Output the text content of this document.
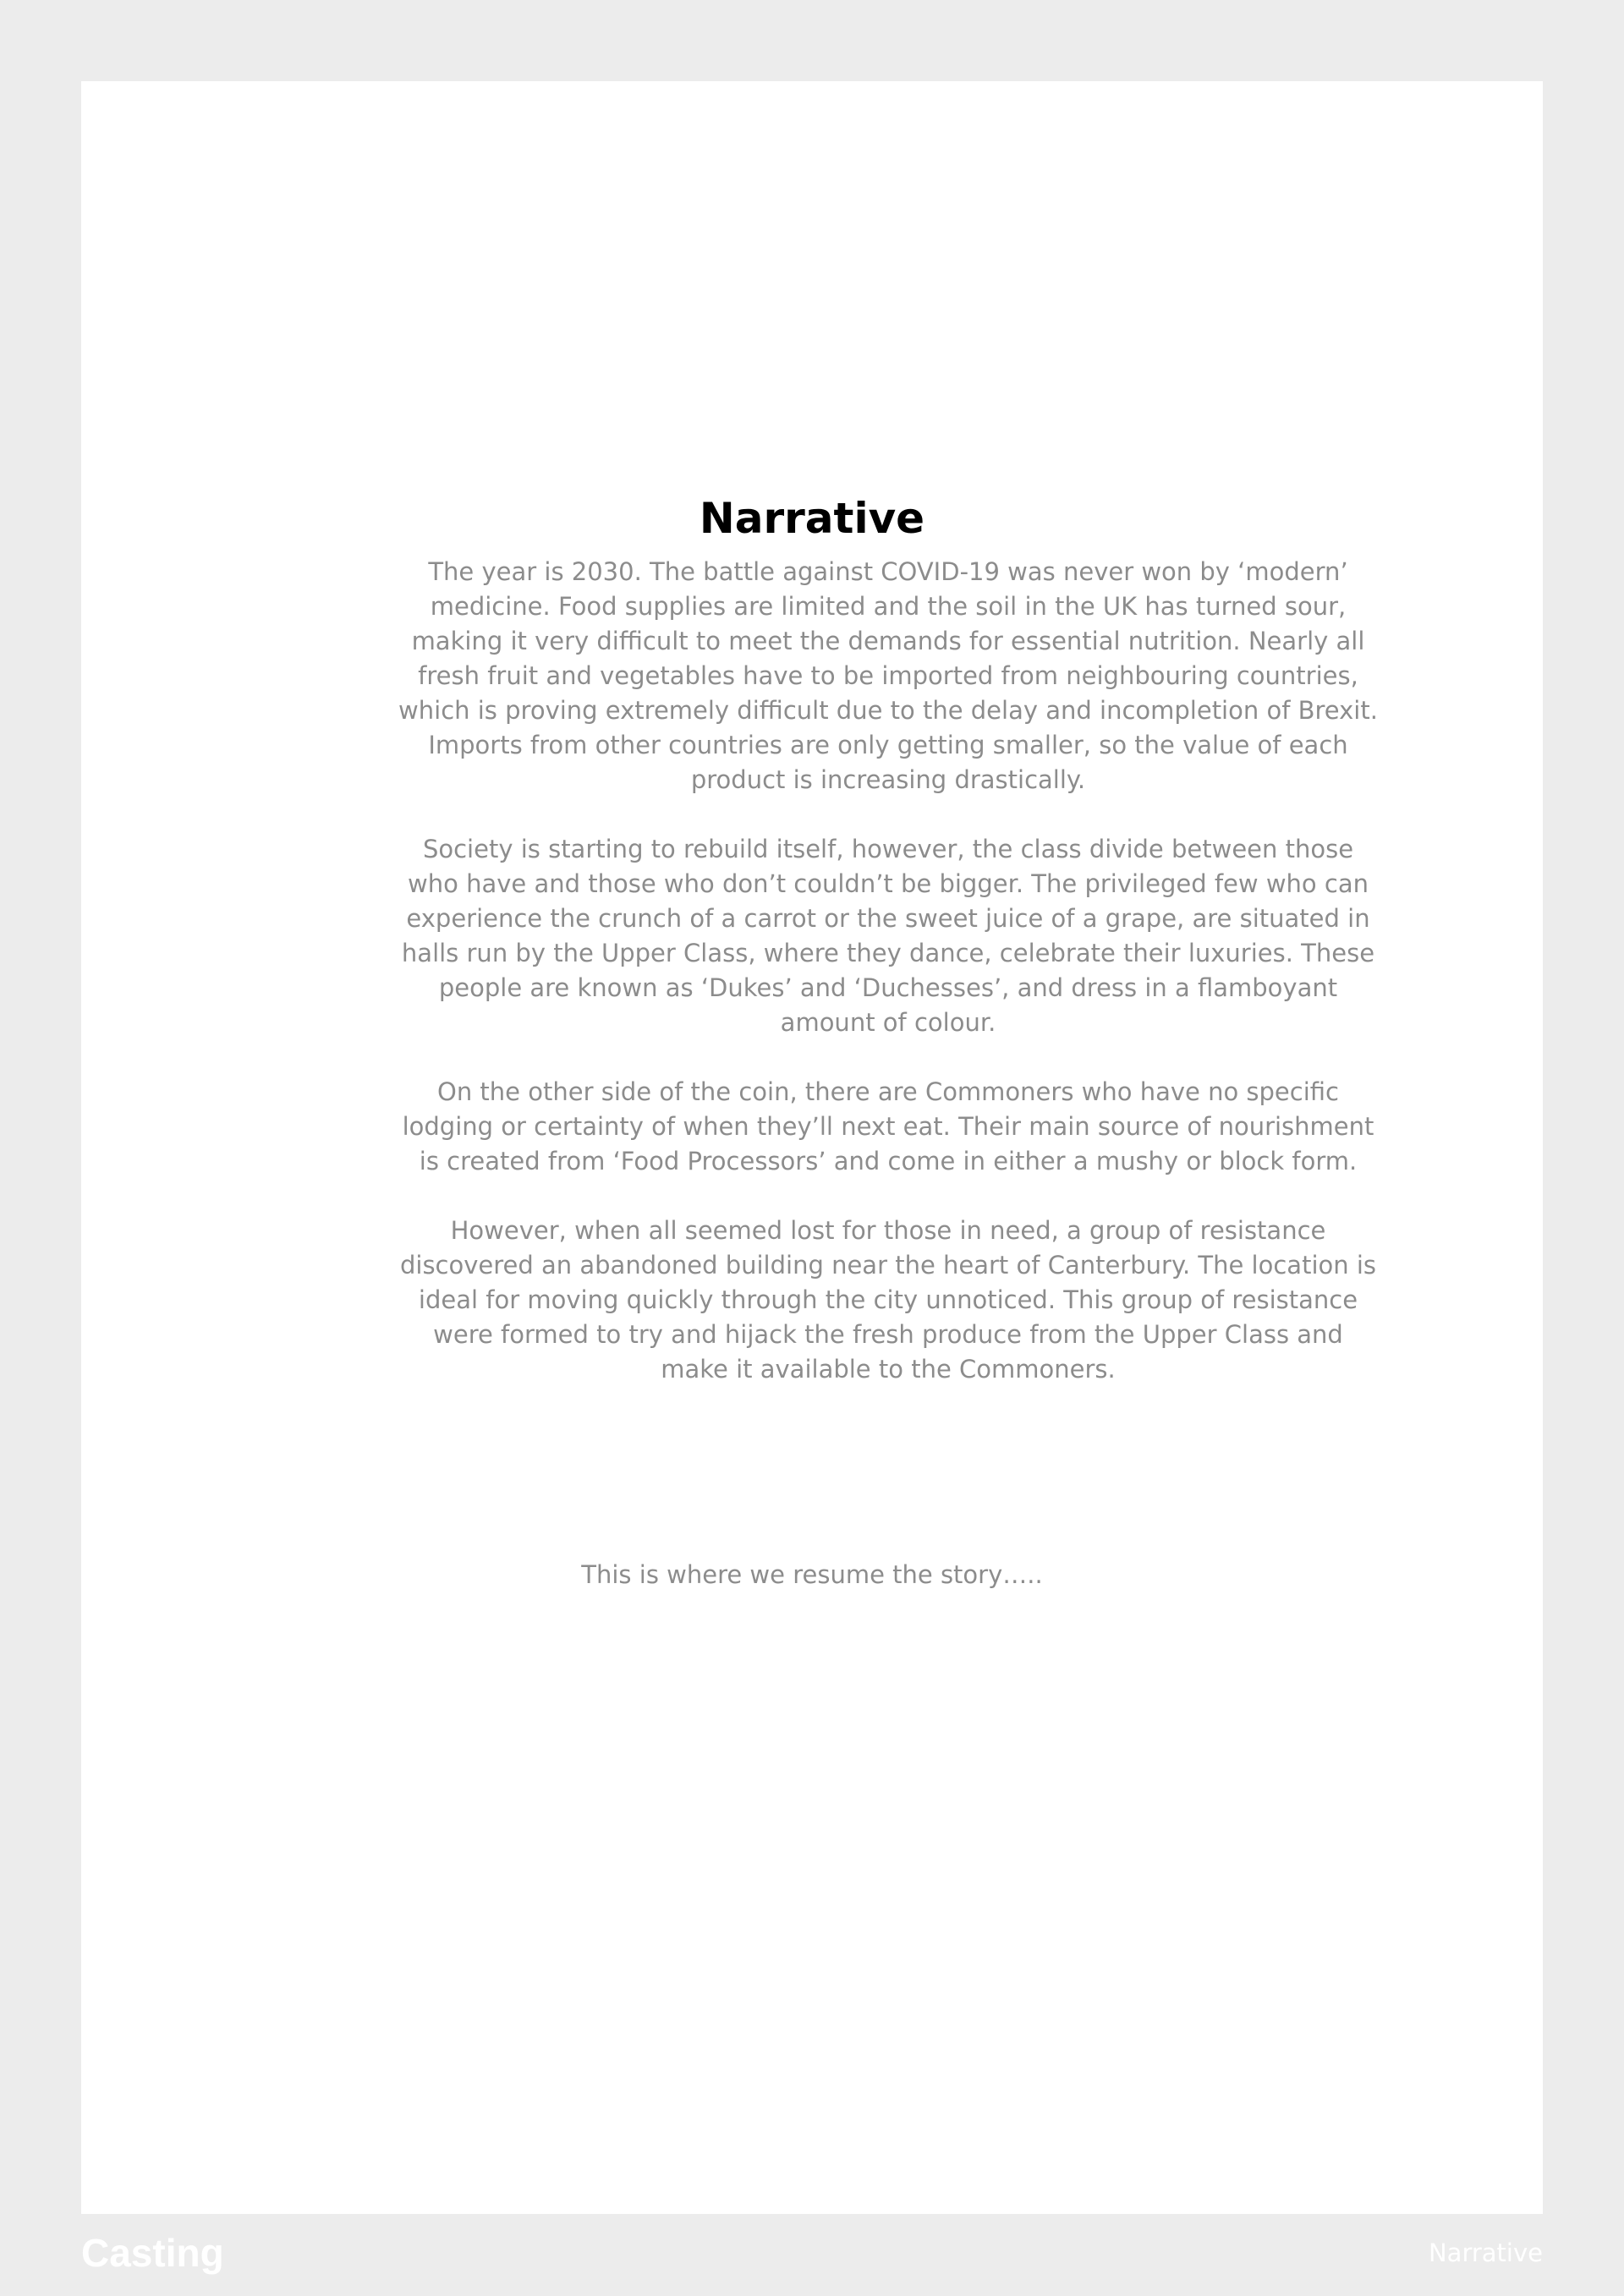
Narrative

The year is 2030. The battle against COVID-19 was never won by ‘modern’ medicine. Food supplies are limited and the soil in the UK has turned sour, making it very difficult to meet the demands for essential nutrition. Nearly all fresh fruit and vegetables have to be imported from neighbouring countries, which is proving extremely difficult due to the delay and incompletion of Brexit. Imports from other countries are only getting smaller, so the value of each product is increasing drastically.

Society is starting to rebuild itself, however, the class divide between those who have and those who don’t couldn’t be bigger. The privileged few who can experience the crunch of a carrot or the sweet juice of a grape, are situated in halls run by the Upper Class, where they dance, celebrate their luxuries. These people are known as ‘Dukes’ and ‘Duchesses’, and dress in a flamboyant amount of colour.

On the other side of the coin, there are Commoners who have no specific lodging or certainty of when they’ll next eat. Their main source of nourishment is created from ‘Food Processors’ and come in either a mushy or block form.

However, when all seemed lost for those in need, a group of resistance discovered an abandoned building near the heart of Canterbury. The location is ideal for moving quickly through the city unnoticed. This group of resistance were formed to try and hijack the fresh produce from the Upper Class and make it available to the Commoners.

This is where we resume the story…..

Casting	Narrative
